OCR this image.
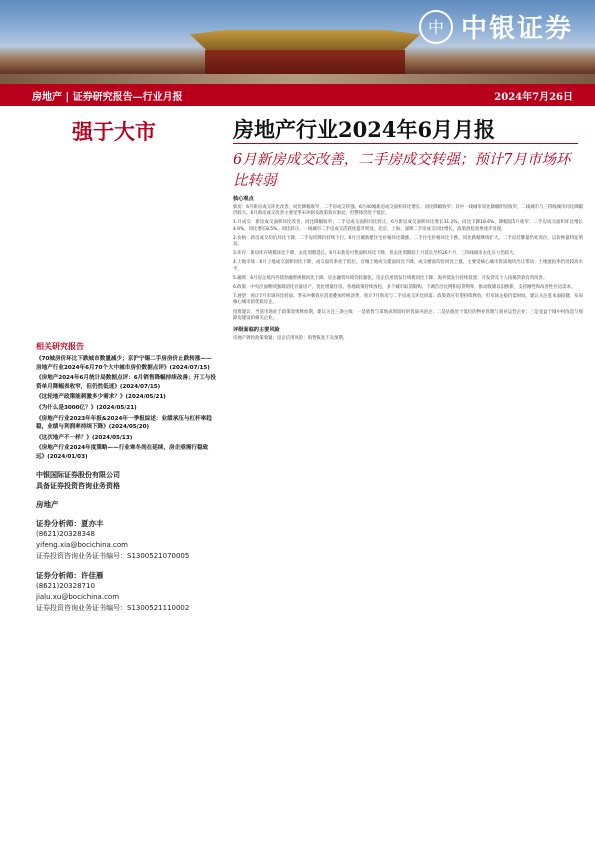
中 中银证券
房地产 | 证券研究报告—行业月报	2024年7月26日
强于大市	房地产行业2024年6月月报
6月新房成交改善，二手房成交转强；预计7月市场环比转弱
相关研究报告
《70城房价环比下跌城市数量减少；京沪宁锡二手房房价止跌转涨——房地产行业2024年6月70个大中城市房价数据点评》(2024/07/15)
《房地产2024年6月统计局数据点评：6月销售降幅持续改善；开工与投资单月降幅表收窄，但仍然低迷》(2024/07/15)
《这轮地产政策能刺激多少需求？》(2024/05/21)
《为什么是3000亿？》(2024/05/21)
《房地产行业2023年年报&2024年一季报综述：业绩承压与杠杆率趋稳，业绩与利润率持续下降》(2024/05/20)
《这次地产不一样？》(2024/05/13)
《房地产行业2024年度策略——行业寒冬尚在延续，房企亟需行稳致远》(2024/01/03)
中银国际证券股份有限公司
具备证券投资咨询业务资格
房地产
证券分析师：夏亦丰
(8621)20328348
yifeng.xia@bocichina.com
证券投资咨询业务证书编号：S1300521070005
证券分析师：许佳雁
(8621)20328710
jialu.xu@bocichina.com
证券投资咨询业务证书编号：S1300521110002
核心观点

新房：6月新房成交环比改善，同比降幅收窄，二手房成交转强。6月40城新房成交面积环比增长、同比降幅收窄；其中一线城市同比降幅明显收窄，二线城市与三四线城市同比降幅仍较大。6月新房成交改善主要受季末冲刺及政策效应驱动，但整体仍处于低位。

1.月成交：新房成交面积环比改善，同比降幅收窄；二手房成交面积同比转正。6月新房成交面积环比增长31.2%，同比下降18.6%，降幅较5月收窄；二手房成交面积环比增长4.6%，同比增长8.5%，同比转正。一线城市二手房成交活跃度提升明显，北京、上海、深圳二手房成交同比增长，政策放松效果逐步显现。

2.价格：新房成交均价环比下降，二手房挂牌价持续下行。6月百城新建住宅价格环比微涨，二手住宅价格环比下跌，同比跌幅继续扩大。二手房挂牌量仍处高位，以价换量特征明显。

3.库存：新房库存规模环比下降，去化周期延长。6月末新房可售面积环比下降，但去化周期较上月延长至约26个月，三四线城市去化压力仍较大。

4.土地市场：6月土地成交面积同比下降，成交溢价率处于低位。百城土地成交建面同比下降，成交楼面均价同比上涨，主要受核心城市优质地块出让带动；土地流拍率仍处较高水平。

5.融资：6月房企境内外债券融资规模同比下降，房企融资环境仍较紧张。房企信用债发行规模同比下降，海外债发行持续低迷；开发贷及个人按揭贷款有所改善。

6.政策：中央层面继续强调消化存量房产，优化增量住房。各地政策持续放松，多个城市取消限购、下调首付比例和房贷利率，推动收储以旧换新，支持刚性和改善性住房需求。

7.展望：预计7月市场环比转弱。季末冲刺效应消退叠加传统淡季，预计7月新房与二手房成交环比回落；政策效应有望持续释放，但市场企稳仍需时间。建议关注基本面稳健、布局核心城市的优质房企。

投资建议：当前市场处于政策效果释放期，建议关注三条主线：一是销售与拿地表现较好的优质央国企；二是估值处于低位的物业管理与商业运营企业；三是受益于城中村改造与保障房建设的相关企业。

评级面临的主要风险

房地产调控政策收紧；房企信用风险；销售恢复不及预期。
